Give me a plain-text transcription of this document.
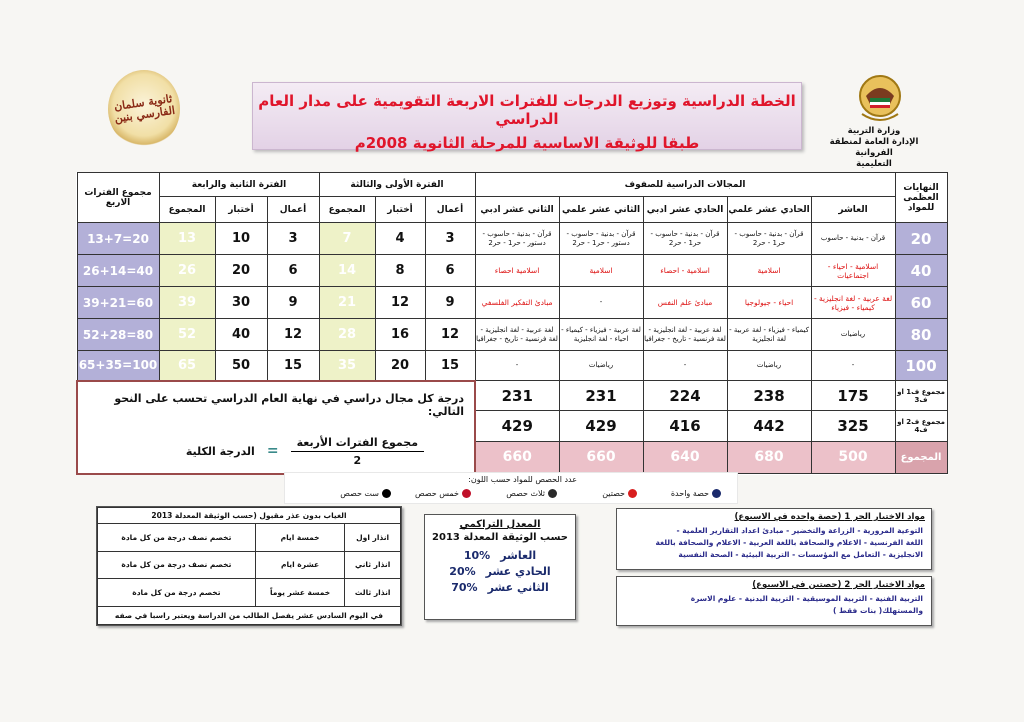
ثانوية سلمان الفارسي بنين
الخطة الدراسية وتوزيع الدرجات للفترات الاربعة التقويمية على مدار العام الدراسي
طبقا للوثيقة الاساسية للمرحلة الثانوية 2008م
وزارة التربية
الإدارة العامة لمنطقة الفروانية
التعليمية
النهايات العظمى للمواد	المجالات الدراسية للصفوف					الفترة الأولى والثالثة			الفترة الثانية والرابعة			مجموع الفترات الاربع
	العاشر	الحادي عشر علمي	الحادي عشر ادبي	الثاني عشر علمي	الثاني عشر ادبي	أعمال	أختبار	المجموع	أعمال	أختبار	المجموع	
20	قرآن - بدنية - حاسوب	قرآن - بدنية - حاسوب - حر1 - حر2	قرآن - بدنية - حاسوب - حر1 - حر2	قرآن - بدنية - حاسوب - دستور - حر1 - حر2	قرآن - بدنية - حاسوب - دستور - حر1 - حر2	3	4	7	3	10	13	20=13+7
40	اسلامية - احياء - اجتماعيات	اسلامية	اسلامية - احصاء	اسلامية	اسلامية احصاء	6	8	14	6	20	26	40=26+14
60	لغة عربية - لغة انجليزية - كيمياء - فيزياء	احياء - جيولوجيا	مبادئ علم النفس	-	مبادئ التفكير الفلسفي	9	12	21	9	30	39	60=39+21
80	رياضيات	كيمياء - فيزياء - لغة عربية - لغة انجليزية	لغة عربية - لغة انجليزية - لغة فرنسية - تاريخ - جغرافيا	لغة عربية - فيزياء - كيمياء - احياء - لغة انجليزية	لغة عربية - لغة انجليزية - لغة فرنسية - تاريخ - جغرافيا	12	16	28	12	40	52	80=52+28
100	-	رياضيات	-	رياضيات	-	15	20	35	15	50	65	100=65+35
مجموع ف1 او ف3	175	238	224	231	231	درجة كل مجال دراسي في نهاية العام الدراسي تحسب على النحو التالي:
مجموع الفترات الأربعة
2
=
الدرجة الكلية						

مجموع ف2 او ف4	325	442	416	429	429							
المجموع	500	680	640	660	660							
عدد الحصص للمواد حسب اللون:
حصة واحدة
حصتين
ثلاث حصص
خمس حصص
ست حصص
الغياب بدون عذر مقبول (حسب الوثيقة المعدلة 2013		
انذار اول	خمسة ايام	تخصم نصف درجة من كل مادة
انذار ثاني	عشرة ايام	تخصم نصف درجة من كل مادة
انذار ثالث	خمسة عشر يوماً	تخصم درجة من كل مادة
في اليوم السادس عشر يفصل الطالب من الدراسة ويعتبر راسبا في صفه		
المعدل التراكمي
حسب الوثيقة المعدلة 2013
العاشر
10%
الحادي عشر
20%
الثاني عشر
70%
مواد الاختيار الحر 1 (حصة واحده في الاسبوع)
التوعية المرورية - الزراعة والتخضير - مبادئ اعداد التقارير العلمية -
اللغة الفرنسية - الاعلام والصحافة باللغة العربية - الاعلام والصحافة باللغة
الانجليزية - التعامل مع المؤسسات - التربية البيئية - الصحة النفسية
مواد الاختيار الحر 2 (حصتين في الاسبوع)
التربية الفنية - التربية الموسيقية - التربية البدنية - علوم الاسرة
والمستهلك( بنات فقط )
